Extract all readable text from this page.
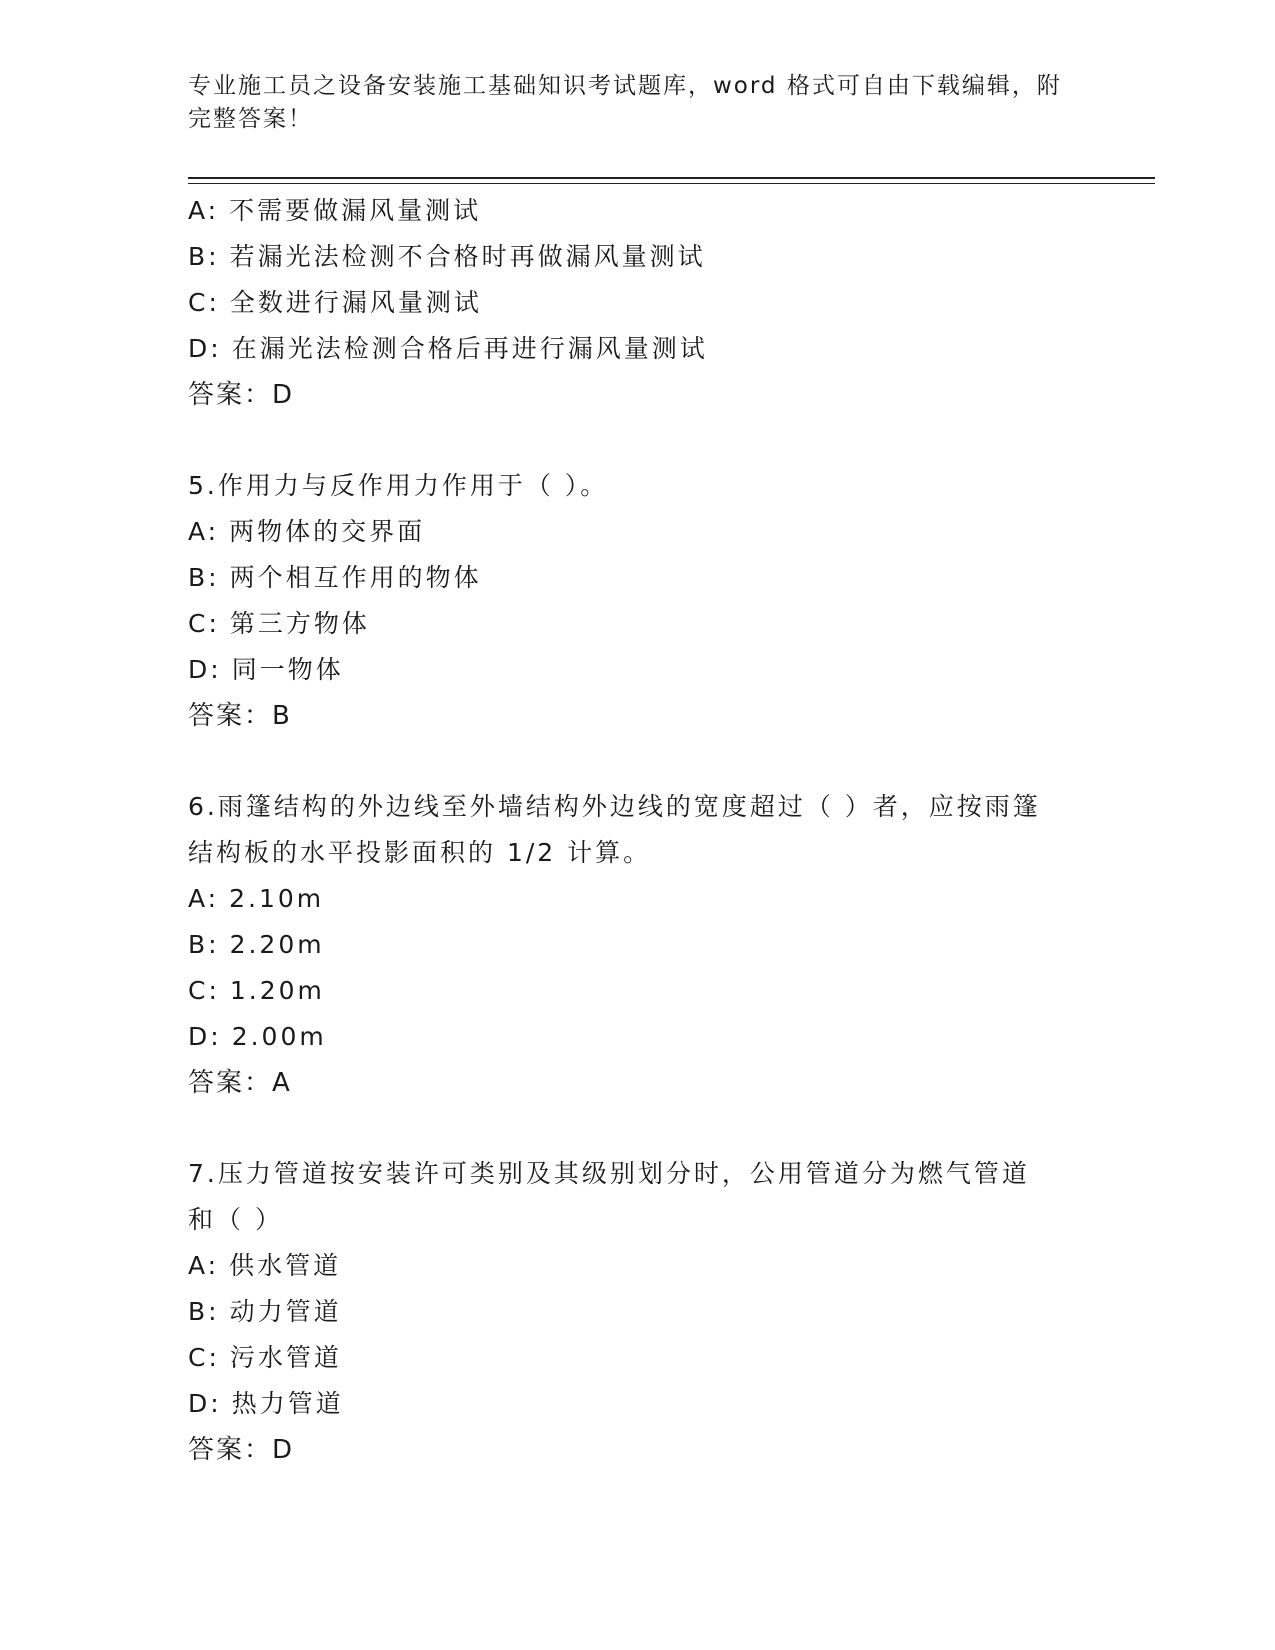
专业施工员之设备安装施工基础知识考试题库，word 格式可自由下载编辑，附完整答案！
A: 不需要做漏风量测试
B: 若漏光法检测不合格时再做漏风量测试
C: 全数进行漏风量测试
D: 在漏光法检测合格后再进行漏风量测试
答案：D
5.作用力与反作用力作用于（ ）。
A: 两物体的交界面
B: 两个相互作用的物体
C: 第三方物体
D: 同一物体
答案：B
6.雨篷结构的外边线至外墙结构外边线的宽度超过（ ）者，应按雨篷结构板的水平投影面积的 1/2 计算。
A: 2.10m
B: 2.20m
C: 1.20m
D: 2.00m
答案：A
7.压力管道按安装许可类别及其级别划分时，公用管道分为燃气管道和（ ）
A: 供水管道
B: 动力管道
C: 污水管道
D: 热力管道
答案：D
